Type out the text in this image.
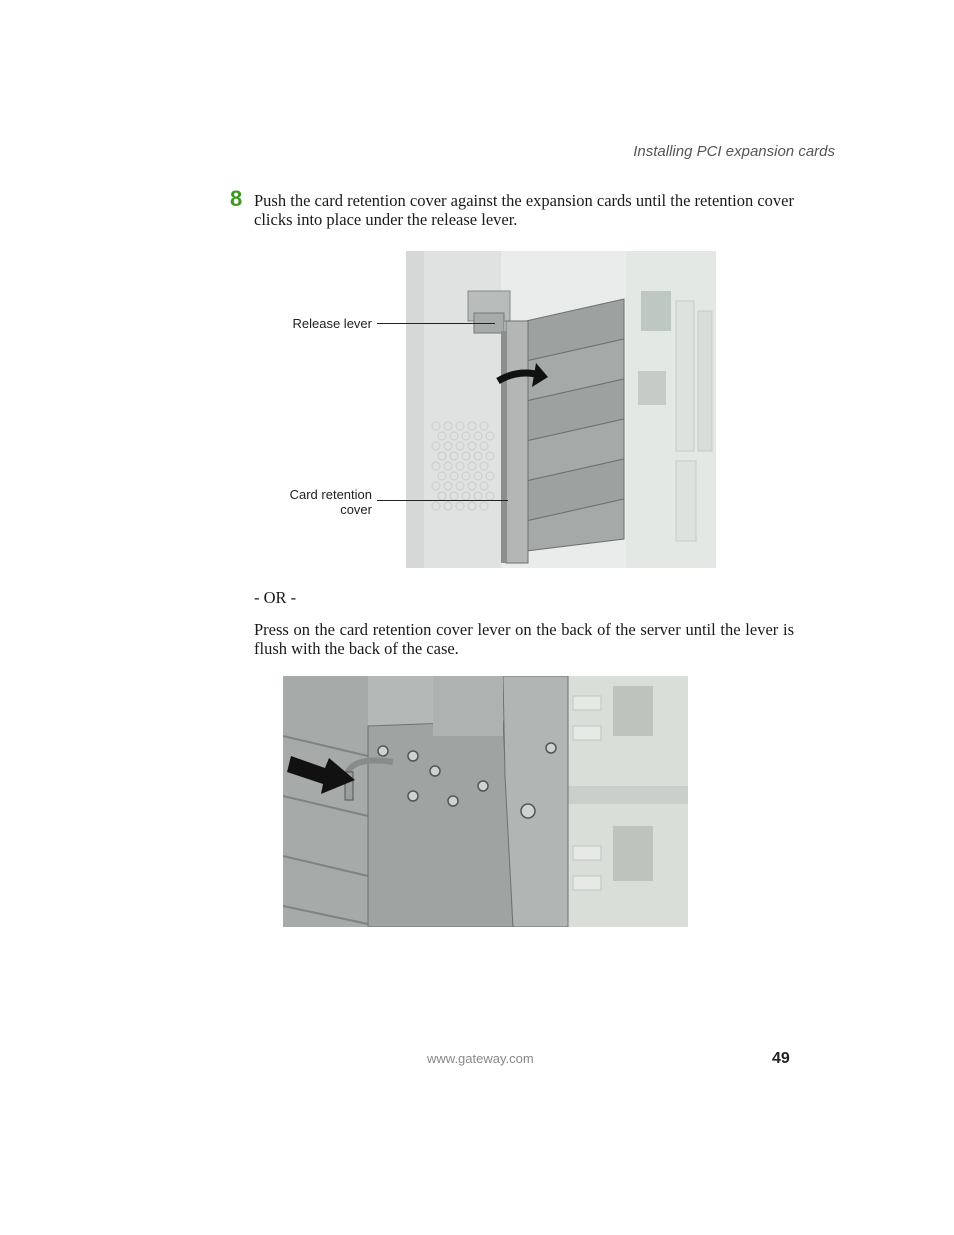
Installing PCI expansion cards
8 Push the card retention cover against the expansion cards until the retention cover clicks into place under the release lever.
Release lever
Card retention
cover
- OR -
Press on the card retention cover lever on the back of the server until the lever is flush with the back of the case.
www.gateway.com	49
